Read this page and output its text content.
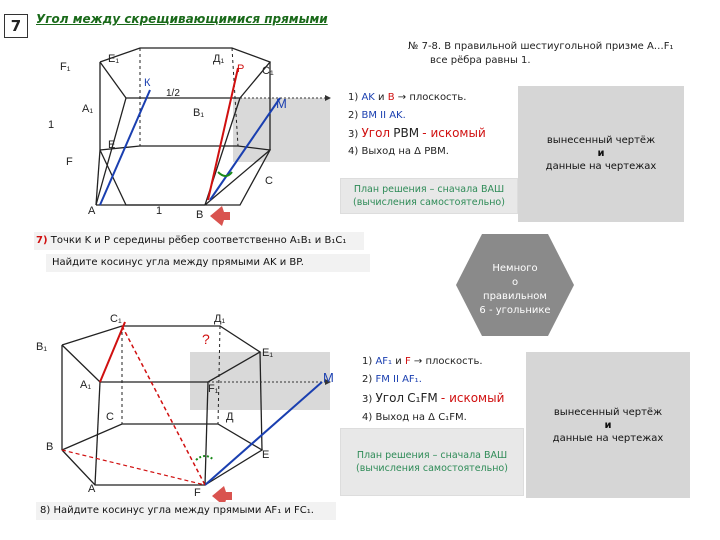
7	Угол между скрещивающимися прямыми
№ 7-8. В правильной шестиугольной призме A…F₁
все рёбра равны 1.
F₁
E₁	Д₁
P С₁
К
1/2
A₁	B₁
M
1
E
F
C
A	1	B
1) AK и B → плоскость.
2) BM II AK.
3) Угол PBM - искомый
4) Выход на Δ PBM.
План решения – сначала ВАШ
(вычисления самостоятельно)
вынесенный чертёж
и
данные на чертежах
7) Точки K и P середины рёбер соответственно A₁B₁ и B₁C₁
Найдите косинус угла между прямыми AK и BP.
Немного
о
правильном
6 - угольнике
С₁	Д₁
?
B₁	E₁
A₁	F₁
M
C	Д
B
E
A	F
1) AF₁ и F → плоскость.
2) FM II AF₁.
3) Угол C₁FM - искомый
4) Выход на Δ C₁FM.
План решения – сначала ВАШ
(вычисления самостоятельно)
вынесенный чертёж
и
данные на чертежах
8) Найдите косинус угла между прямыми AF₁ и FC₁.
